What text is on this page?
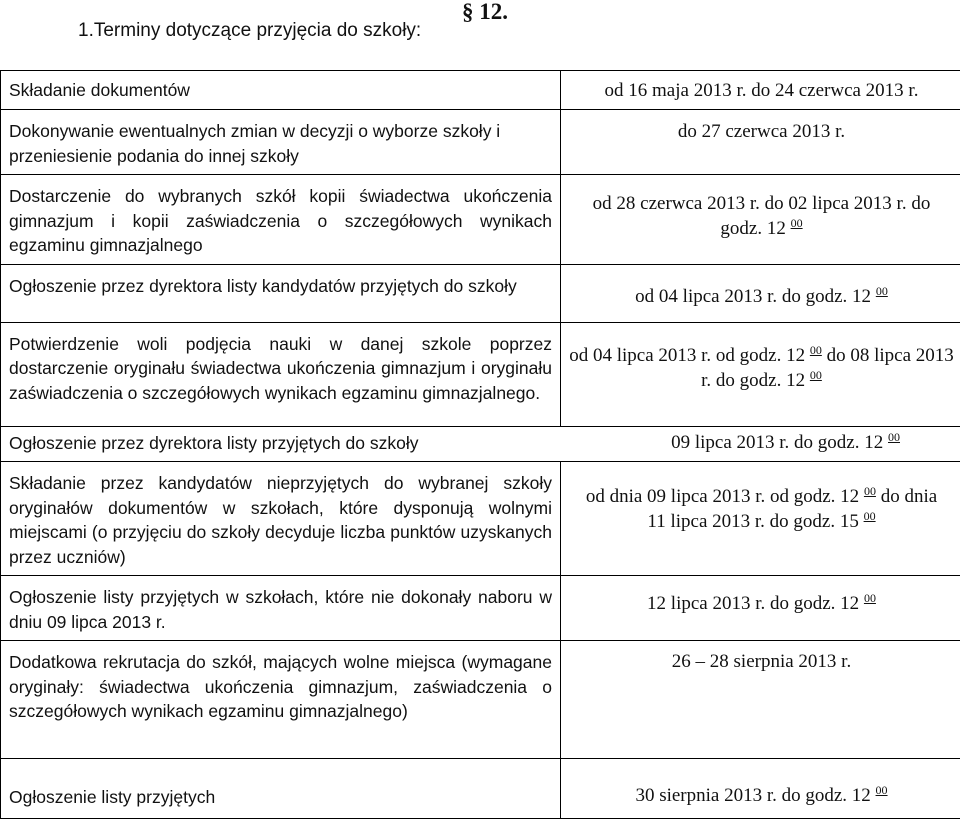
1.Terminy dotyczące przyjęcia do szkoły:
§ 12.
Składanie dokumentów	od 16 maja 2013 r. do 24 czerwca 2013 r.

Dokonywanie ewentualnych zmian w decyzji o wyborze szkoły i przeniesienie podania do innej szkoły	do 27 czerwca 2013 r.

Dostarczenie do wybranych szkół kopii świadectwa ukończenia gimnazjum i kopii zaświadczenia o szczegółowych wynikach egzaminu gimnazjalnego	od 28 czerwca 2013 r. do 02 lipca 2013 r. do godz. 12 $^{00}$

Ogłoszenie przez dyrektora listy kandydatów przyjętych do szkoły	od 04 lipca 2013 r. do godz. 12 $^{00}$

Potwierdzenie woli podjęcia nauki w danej szkole poprzez dostarczenie oryginału świadectwa ukończenia gimnazjum i oryginału zaświadczenia o szczegółowych wynikach egzaminu gimnazjalnego.	od 04 lipca 2013 r. od godz. 12 $^{00}$ do 08 lipca 2013 r. do godz. 12 $^{00}$

Ogłoszenie przez dyrektora listy przyjętych do szkoły 09 lipca 2013 r. do godz. 12 $^{00}$

Składanie przez kandydatów nieprzyjętych do wybranej szkoły oryginałów dokumentów w szkołach, które dysponują wolnymi miejscami (o przyjęciu do szkoły decyduje liczba punktów uzyskanych przez uczniów)	od dnia 09 lipca 2013 r. od godz. 12 $^{00}$ do dnia 11 lipca 2013 r. do godz. 15 $^{00}$

Ogłoszenie listy przyjętych w szkołach, które nie dokonały naboru w dniu 09 lipca 2013 r.	12 lipca 2013 r. do godz. 12 $^{00}$

Dodatkowa rekrutacja do szkół, mających wolne miejsca (wymagane oryginały: świadectwa ukończenia gimnazjum, zaświadczenia o szczegółowych wynikach egzaminu gimnazjalnego)	26 – 28 sierpnia 2013 r.

Ogłoszenie listy przyjętych	30 sierpnia 2013 r. do godz. 12 $^{00}$
